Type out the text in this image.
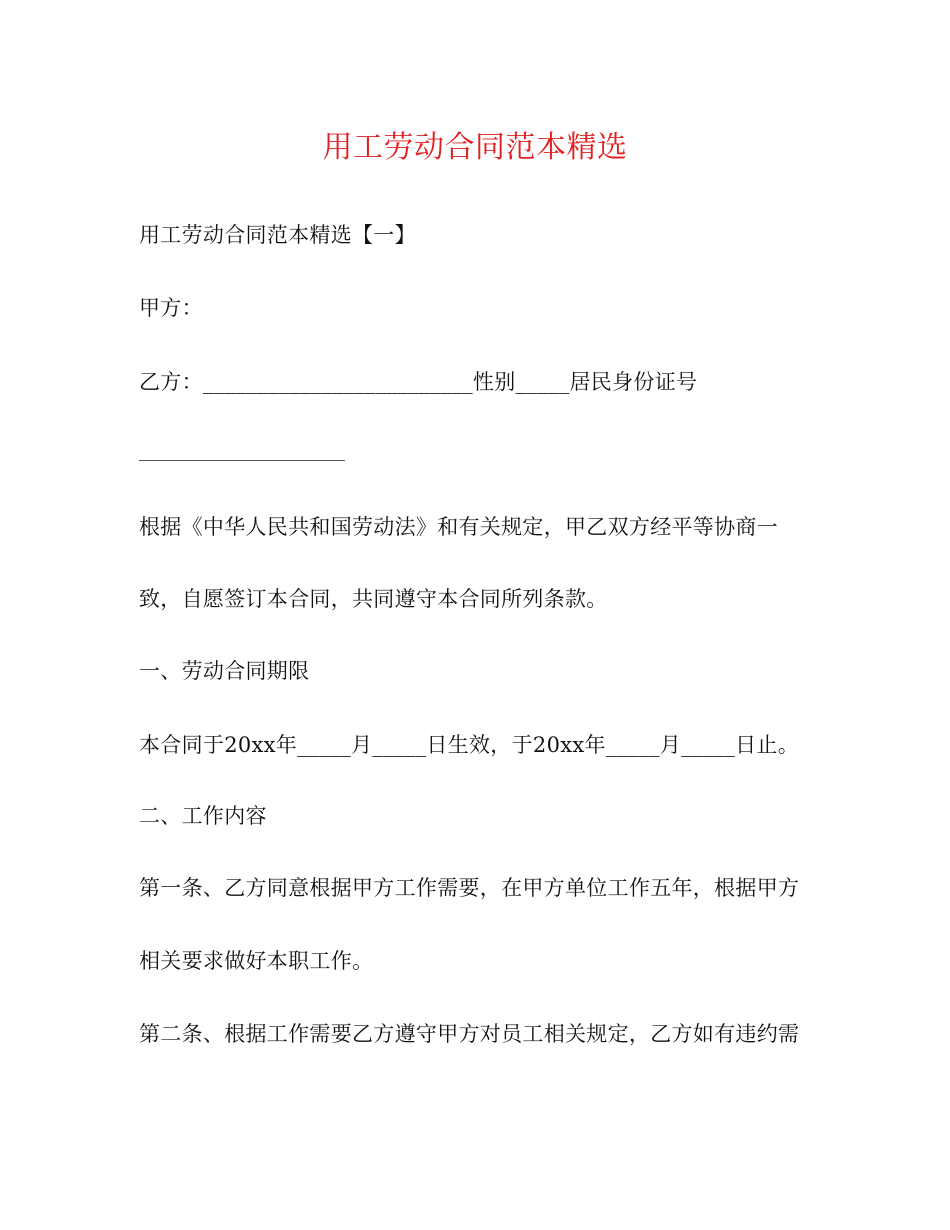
用工劳动合同范本精选
用工劳动合同范本精选【一】
甲方：
乙方：_________________________性别_____居民身份证号
根据《中华人民共和国劳动法》和有关规定，甲乙双方经平等协商一
致，自愿签订本合同，共同遵守本合同所列条款。
一、劳动合同期限
本合同于20xx年_____月_____日生效，于20xx年_____月_____日止。
二、工作内容
第一条、乙方同意根据甲方工作需要，在甲方单位工作五年，根据甲方
相关要求做好本职工作。
第二条、根据工作需要乙方遵守甲方对员工相关规定，乙方如有违约需
